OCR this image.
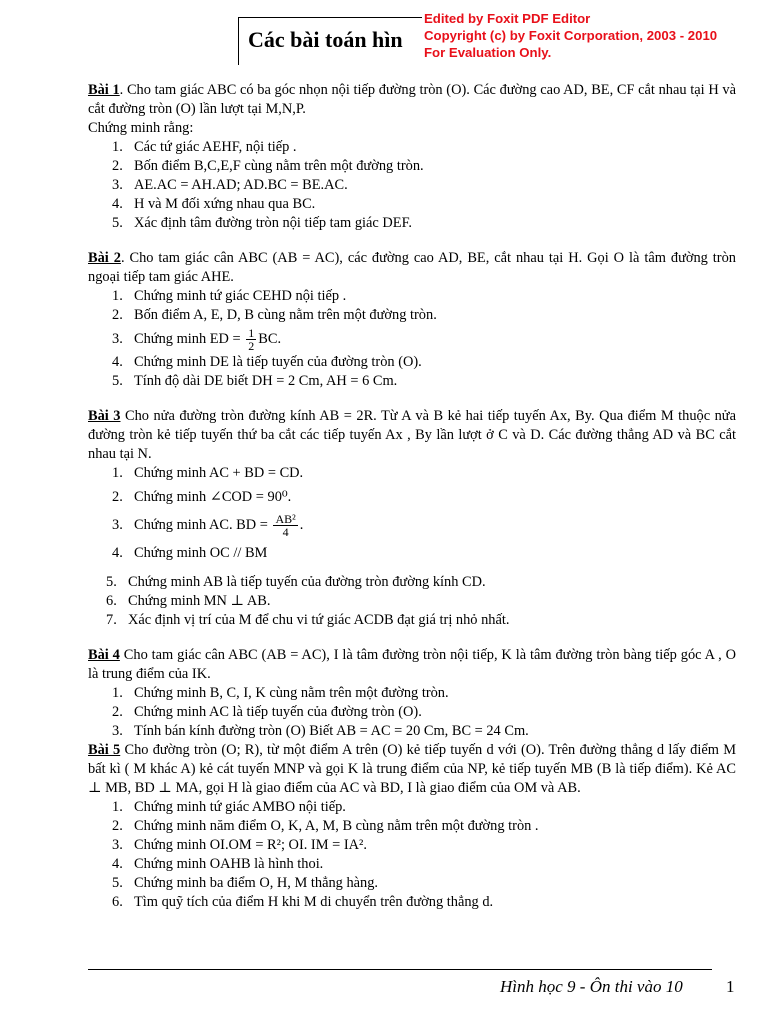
Các bài toán hìn
Edited by Foxit PDF Editor
Copyright (c) by Foxit Corporation, 2003 - 2010
For Evaluation Only.

Bài 1. Cho tam giác ABC có ba góc nhọn nội tiếp đường tròn (O). Các đường cao AD, BE, CF cắt nhau tại H và cắt đường tròn (O) lần lượt tại M,N,P.

Chứng minh rằng:

1. Các tứ giác AEHF, nội tiếp .
2. Bốn điểm B,C,E,F cùng nằm trên một đường tròn.
3. AE.AC = AH.AD; AD.BC = BE.AC.
4. H và M đối xứng nhau qua BC.
5. Xác định tâm đường tròn nội tiếp tam giác DEF.

Bài 2. Cho tam giác cân ABC (AB = AC), các đường cao AD, BE, cắt nhau tại H. Gọi O là tâm đường tròn ngoại tiếp tam giác AHE.

1. Chứng minh tứ giác CEHD nội tiếp .
2. Bốn điểm A, E, D, B cùng nằm trên một đường tròn.
3. Chứng minh ED = $\frac{1}{2}$ BC.
4. Chứng minh DE là tiếp tuyến của đường tròn (O).
5. Tính độ dài DE biết DH = 2 Cm, AH = 6 Cm.

Bài 3 Cho nửa đường tròn đường kính AB = 2R. Từ A và B kẻ hai tiếp tuyến Ax, By. Qua điểm M thuộc nửa đường tròn kẻ tiếp tuyến thứ ba cắt các tiếp tuyến Ax , By lần lượt ở C và D. Các đường thẳng AD và BC cắt nhau tại N.

1. Chứng minh AC + BD = CD.
2. Chứng minh ∠COD = 90⁰.
3. Chứng minh AC. BD = $\frac{\text{AB²}}{4}$ .
4. Chứng minh OC // BM
5. Chứng minh AB là tiếp tuyến của đường tròn đường kính CD.
6. Chứng minh MN ⊥ AB.
7. Xác định vị trí của M để chu vi tứ giác ACDB đạt giá trị nhỏ nhất.

Bài 4 Cho tam giác cân ABC (AB = AC), I là tâm đường tròn nội tiếp, K là tâm đường tròn bàng tiếp góc A , O là trung điểm của IK.

1. Chứng minh B, C, I, K cùng nằm trên một đường tròn.
2. Chứng minh AC là tiếp tuyến của đường tròn (O).
3. Tính bán kính đường tròn (O) Biết AB = AC = 20 Cm, BC = 24 Cm.

Bài 5 Cho đường tròn (O; R), từ một điểm A trên (O) kẻ tiếp tuyến d với (O). Trên đường thẳng d lấy điểm M bất kì ( M khác A) kẻ cát tuyến MNP và gọi K là trung điểm của NP, kẻ tiếp tuyến MB (B là tiếp điểm). Kẻ AC ⊥ MB, BD ⊥ MA, gọi H là giao điểm của AC và BD, I là giao điểm của OM và AB.

1. Chứng minh tứ giác AMBO nội tiếp.
2. Chứng minh năm điểm O, K, A, M, B cùng nằm trên một đường tròn .
3. Chứng minh OI.OM = R²; OI. IM = IA².
4. Chứng minh OAHB là hình thoi.
5. Chứng minh ba điểm O, H, M thẳng hàng.
6. Tìm quỹ tích của điểm H khi M di chuyển trên đường thẳng d.
Hình học 9 - Ôn thi vào 10	1
